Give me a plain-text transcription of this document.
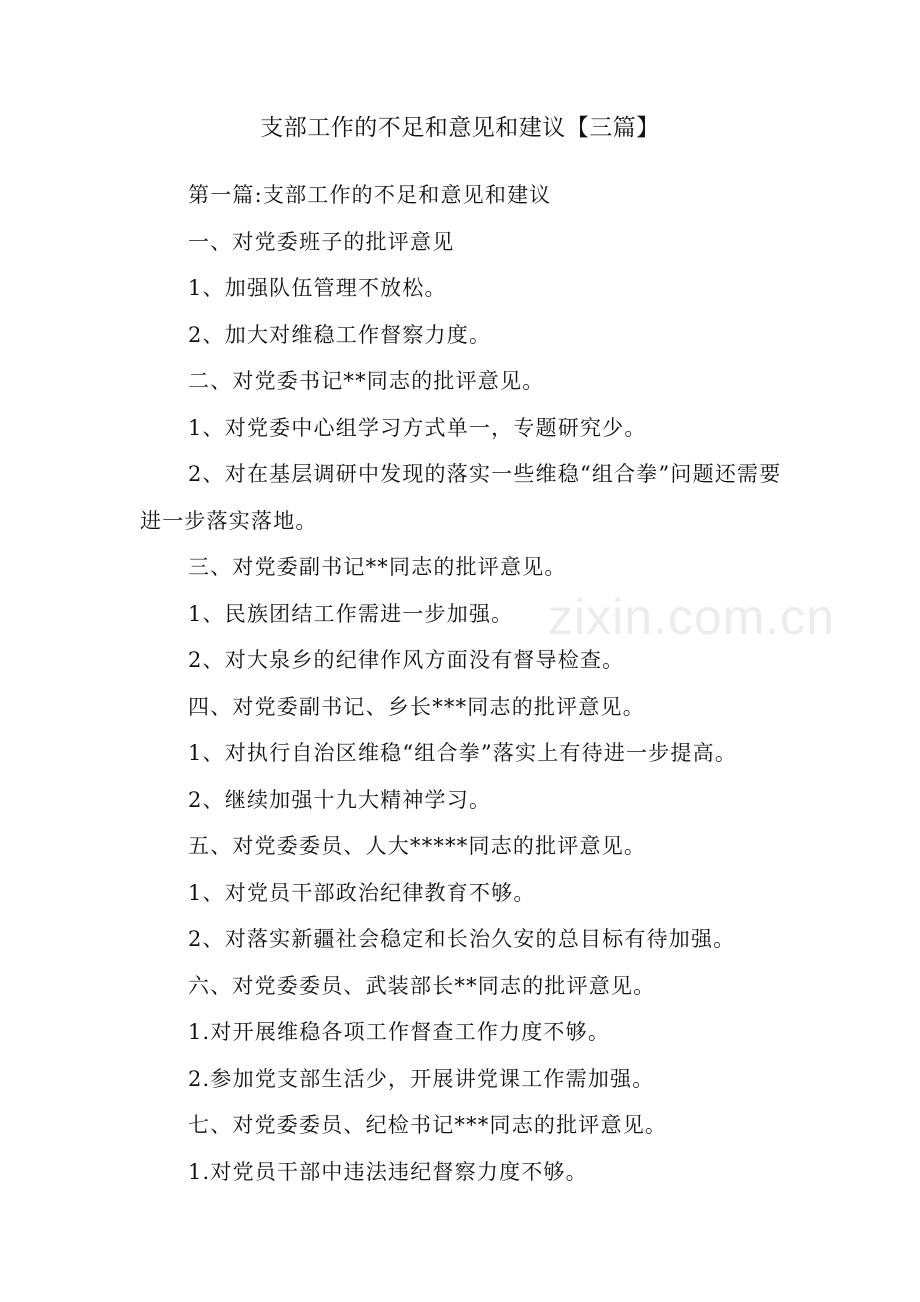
支部工作的不足和意见和建议【三篇】

第一篇:支部工作的不足和意见和建议

一、对党委班子的批评意见

1、加强队伍管理不放松。

2、加大对维稳工作督察力度。

二、对党委书记**同志的批评意见。

1、对党委中心组学习方式单一，专题研究少。

2、对在基层调研中发现的落实一些维稳“组合拳”问题还需要进一步落实落地。

三、对党委副书记**同志的批评意见。

1、民族团结工作需进一步加强。

2、对大泉乡的纪律作风方面没有督导检查。

四、对党委副书记、乡长***同志的批评意见。

1、对执行自治区维稳“组合拳”落实上有待进一步提高。

2、继续加强十九大精神学习。

五、对党委委员、人大*****同志的批评意见。

1、对党员干部政治纪律教育不够。

2、对落实新疆社会稳定和长治久安的总目标有待加强。

六、对党委委员、武装部长**同志的批评意见。

1.对开展维稳各项工作督查工作力度不够。

2.参加党支部生活少，开展讲党课工作需加强。

七、对党委委员、纪检书记***同志的批评意见。

1.对党员干部中违法违纪督察力度不够。

zixin.com.cn
